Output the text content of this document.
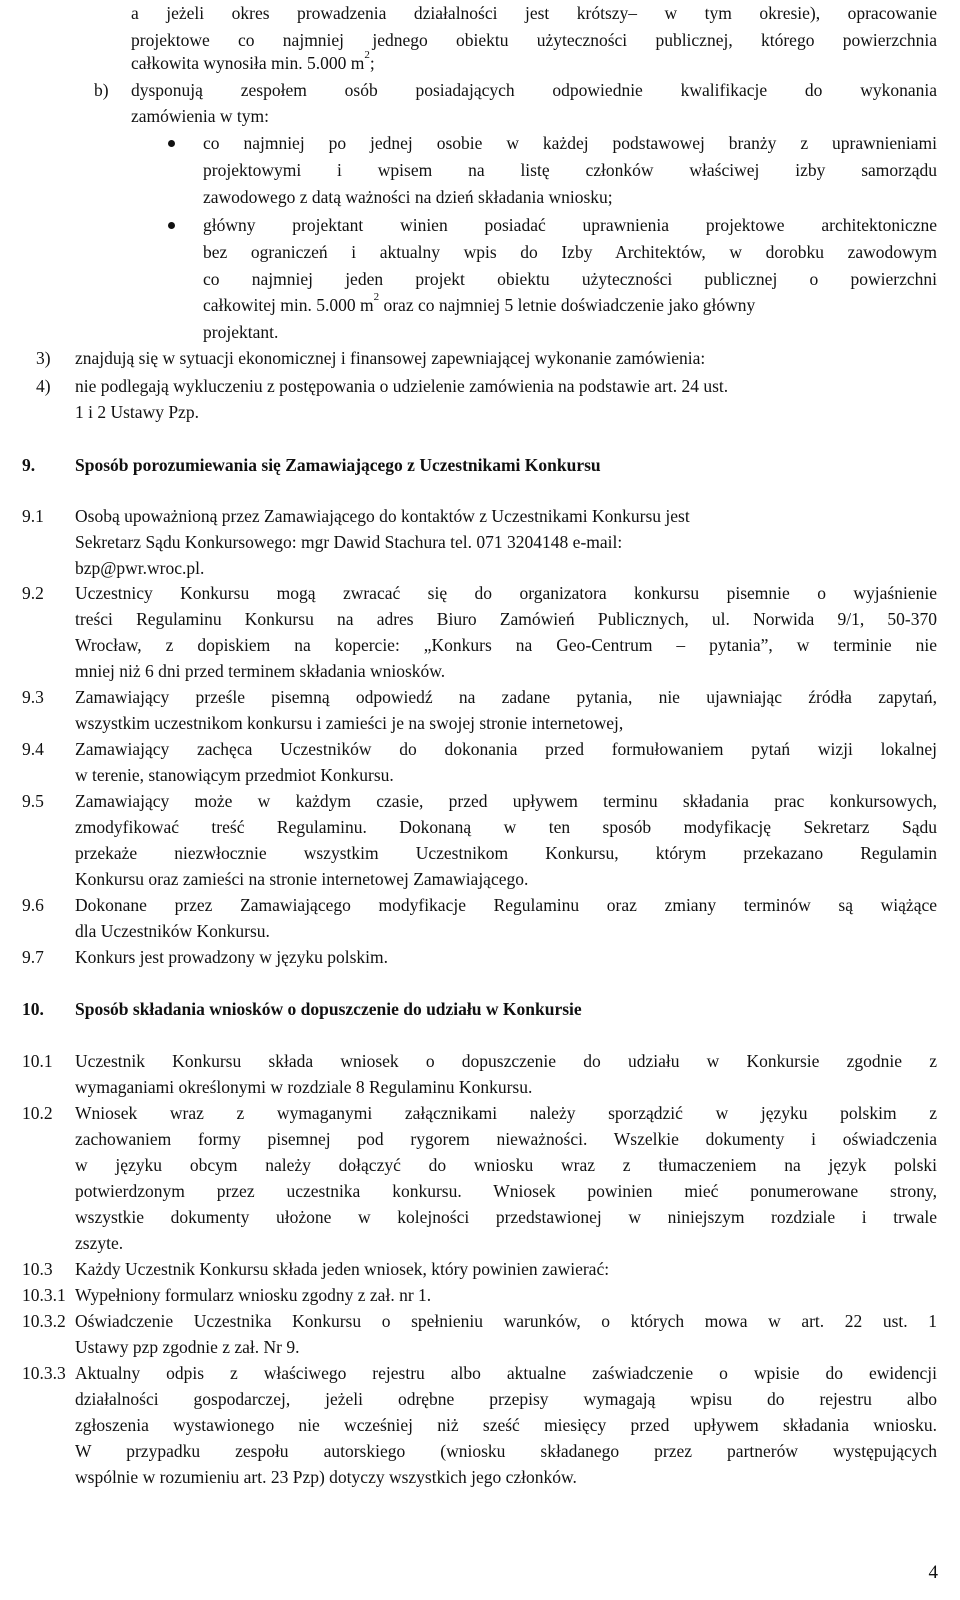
a jeżeli okres prowadzenia działalności jest krótszy– w tym okresie), opracowanie
projektowe co najmniej jednego obiektu użyteczności publicznej, którego powierzchnia
całkowita wynosiła min. 5.000 $m^2$;
b) dysponują zespołem osób posiadających odpowiednie kwalifikacje do wykonania
zamówienia w tym:
co najmniej po jednej osobie w każdej podstawowej branży z uprawnieniami
projektowymi i wpisem na listę członków właściwej izby samorządu
zawodowego z datą ważności na dzień składania wniosku;
główny projektant winien posiadać uprawnienia projektowe architektoniczne
bez ograniczeń i aktualny wpis do Izby Architektów, w dorobku zawodowym
co najmniej jeden projekt obiektu użyteczności publicznej o powierzchni
całkowitej min. 5.000 $m^2$ oraz co najmniej 5 letnie doświadczenie jako główny
projektant.
3) znajdują się w sytuacji ekonomicznej i finansowej zapewniającej wykonanie zamówienia:
4) nie podlegają wykluczeniu z postępowania o udzielenie zamówienia na podstawie art. 24 ust.
1 i 2 Ustawy Pzp.
9. Sposób porozumiewania się Zamawiającego z Uczestnikami Konkursu
9.1 Osobą upoważnioną przez Zamawiającego do kontaktów z Uczestnikami Konkursu jest
Sekretarz Sądu Konkursowego: mgr Dawid Stachura tel. 071 3204148 e-mail:
bzp@pwr.wroc.pl.
9.2 Uczestnicy Konkursu mogą zwracać się do organizatora konkursu pisemnie o wyjaśnienie
treści Regulaminu Konkursu na adres Biuro Zamówień Publicznych, ul. Norwida 9/1, 50-370
Wrocław, z dopiskiem na kopercie: „Konkurs na Geo-Centrum – pytania”, w terminie nie
mniej niż 6 dni przed terminem składania wniosków.
9.3 Zamawiający prześle pisemną odpowiedź na zadane pytania, nie ujawniając źródła zapytań,
wszystkim uczestnikom konkursu i zamieści je na swojej stronie internetowej,
9.4 Zamawiający zachęca Uczestników do dokonania przed formułowaniem pytań wizji lokalnej
w terenie, stanowiącym przedmiot Konkursu.
9.5 Zamawiający może w każdym czasie, przed upływem terminu składania prac konkursowych,
zmodyfikować treść Regulaminu. Dokonaną w ten sposób modyfikację Sekretarz Sądu
przekaże niezwłocznie wszystkim Uczestnikom Konkursu, którym przekazano Regulamin
Konkursu oraz zamieści na stronie internetowej Zamawiającego.
9.6 Dokonane przez Zamawiającego modyfikacje Regulaminu oraz zmiany terminów są wiążące
dla Uczestników Konkursu.
9.7 Konkurs jest prowadzony w języku polskim.
10. Sposób składania wniosków o dopuszczenie do udziału w Konkursie
10.1 Uczestnik Konkursu składa wniosek o dopuszczenie do udziału w Konkursie zgodnie z
wymaganiami określonymi w rozdziale 8 Regulaminu Konkursu.
10.2 Wniosek wraz z wymaganymi załącznikami należy sporządzić w języku polskim z
zachowaniem formy pisemnej pod rygorem nieważności. Wszelkie dokumenty i oświadczenia
w języku obcym należy dołączyć do wniosku wraz z tłumaczeniem na język polski
potwierdzonym przez uczestnika konkursu. Wniosek powinien mieć ponumerowane strony,
wszystkie dokumenty ułożone w kolejności przedstawionej w niniejszym rozdziale i trwale
zszyte.
10.3 Każdy Uczestnik Konkursu składa jeden wniosek, który powinien zawierać:
10.3.1 Wypełniony formularz wniosku zgodny z zał. nr 1.
10.3.2 Oświadczenie Uczestnika Konkursu o spełnieniu warunków, o których mowa w art. 22 ust. 1
Ustawy pzp zgodnie z zał. Nr 9.
10.3.3 Aktualny odpis z właściwego rejestru albo aktualne zaświadczenie o wpisie do ewidencji
działalności gospodarczej, jeżeli odrębne przepisy wymagają wpisu do rejestru albo
zgłoszenia wystawionego nie wcześniej niż sześć miesięcy przed upływem składania wniosku.
W przypadku zespołu autorskiego (wniosku składanego przez partnerów występujących
wspólnie w rozumieniu art. 23 Pzp) dotyczy wszystkich jego członków.
4
